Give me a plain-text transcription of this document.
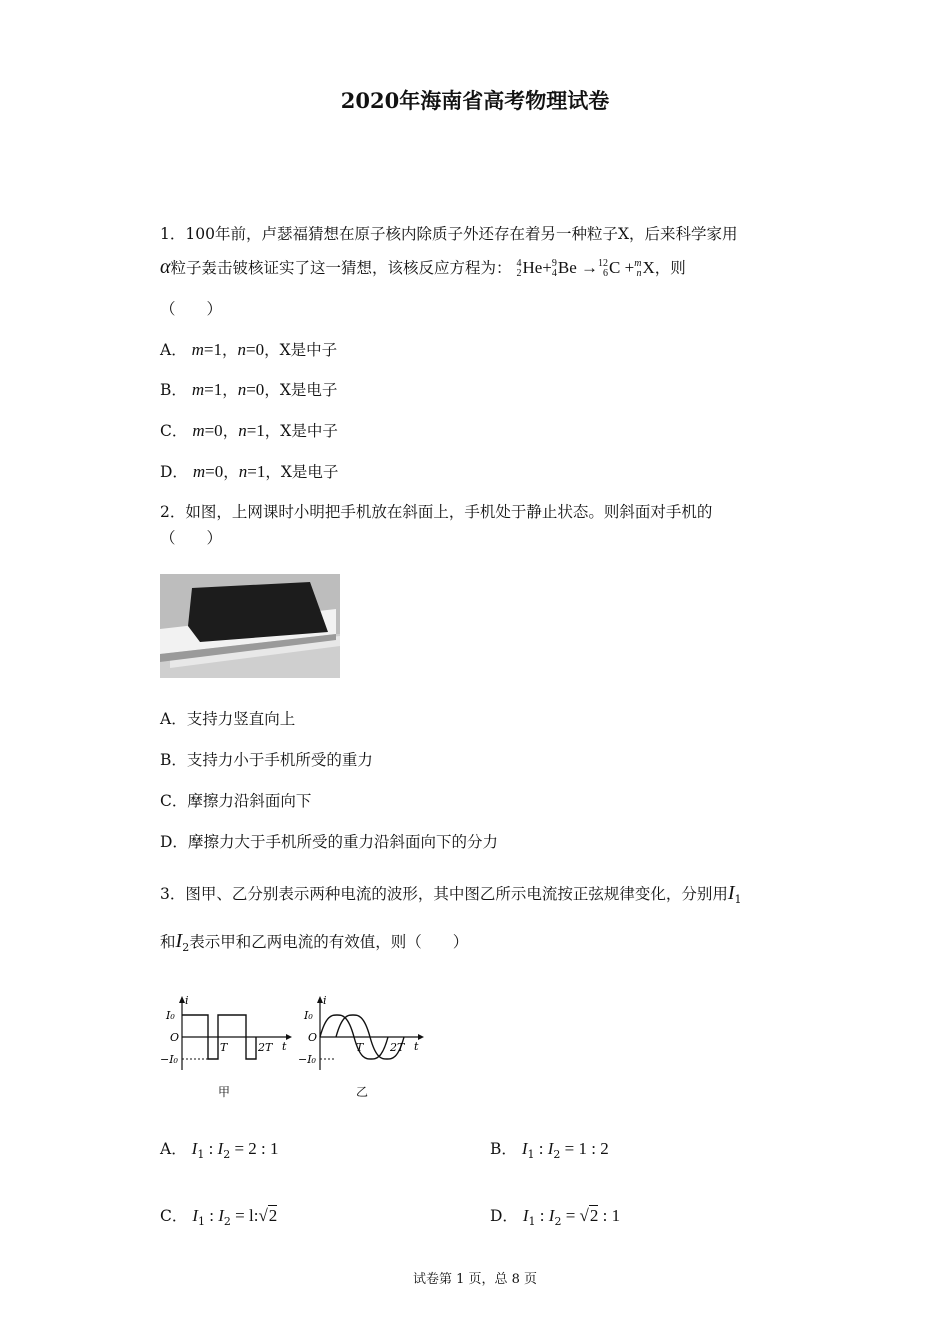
2020年海南省高考物理试卷
1．100年前，卢瑟福猜想在原子核内除质子外还存在着另一种粒子X，后来科学家用
α粒子轰击铍核证实了这一猜想，该核反应方程为： 4
2 He+ 9
4 Be → 12
6 C + m
n X，则
（　　）
A． m=1，n=0，X是中子
B． m=1，n=0，X是电子
C． m=0，n=1，X是中子
D． m=0，n=1，X是电子
2．如图，上网课时小明把手机放在斜面上，手机处于静止状态。则斜面对手机的
（　　）
A．支持力竖直向上
B．支持力小于手机所受的重力
C．摩擦力沿斜面向下
D．摩擦力大于手机所受的重力沿斜面向下的分力
3．图甲、乙分别表示两种电流的波形，其中图乙所示电流按正弦规律变化，分别用$I_1$
和$I_2$表示甲和乙两电流的有效值，则（　　）
i
t
I₀
O
−I₀
T	2T
甲
i
t
I₀
O
−I₀
T 2T
乙
A． $I_1$ : $I_2 = 2$ : 1	B． $I_1$ : $I_2 = 1$ : 2
C． $I_1$ : $I_2$ = l:√2	D． $I_1$ : $I_2 = √2$ : 1
试卷第 1 页，总 8 页
